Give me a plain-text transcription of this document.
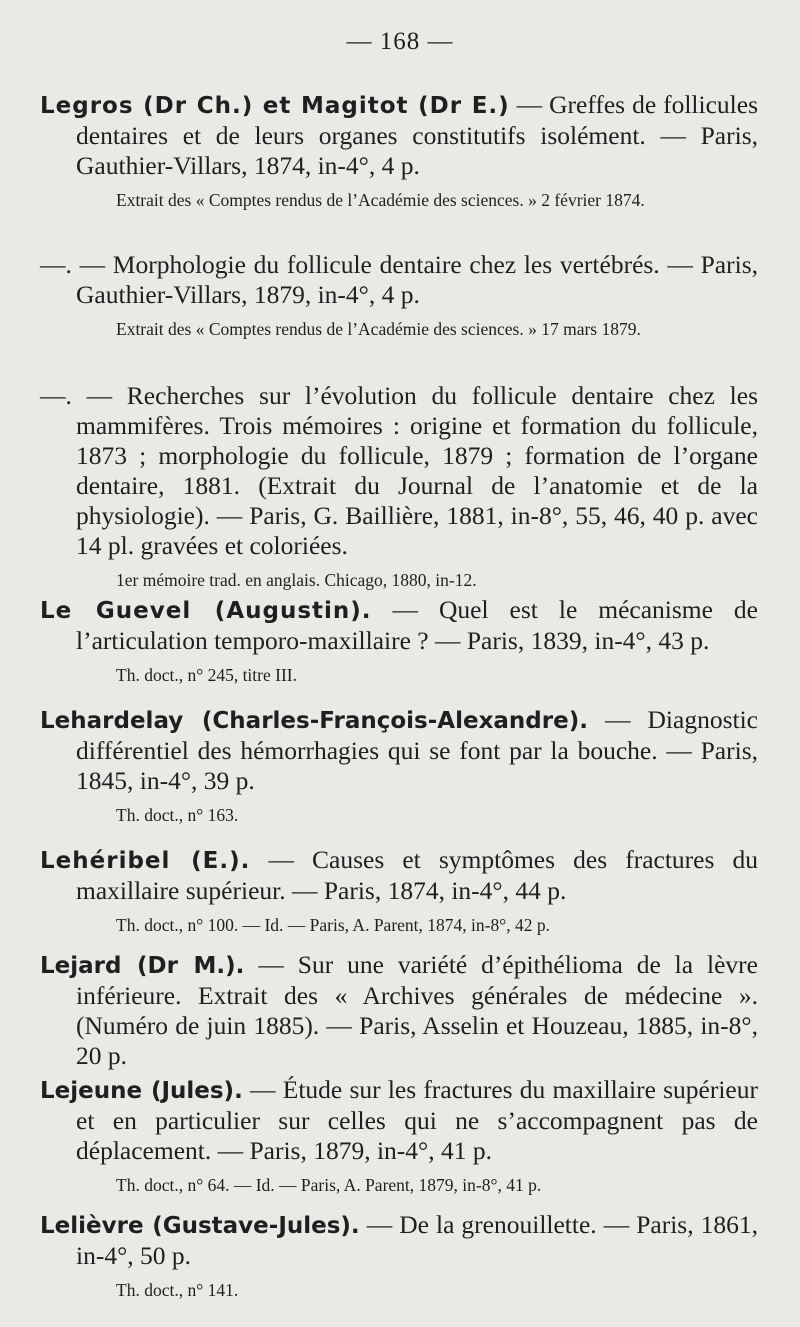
— 168 —
Legros (Dr Ch.) et Magitot (Dr E.) — Greffes de follicules dentaires et de leurs organes constitutifs isolément. — Paris, Gauthier-Villars, 1874, in-4°, 4 p.
Extrait des « Comptes rendus de l’Académie des sciences. » 2 février 1874.
—. — Morphologie du follicule dentaire chez les vertébrés. — Paris, Gauthier-Villars, 1879, in-4°, 4 p.
Extrait des « Comptes rendus de l’Académie des sciences. » 17 mars 1879.
—. — Recherches sur l’évolution du follicule dentaire chez les mammifères. Trois mémoires : origine et formation du follicule, 1873 ; morphologie du follicule, 1879 ; formation de l’organe dentaire, 1881. (Extrait du Journal de l’anatomie et de la physiologie). — Paris, G. Baillière, 1881, in-8°, 55, 46, 40 p. avec 14 pl. gravées et coloriées.
1er mémoire trad. en anglais. Chicago, 1880, in-12.
Le Guevel (Augustin). — Quel est le mécanisme de l’articulation temporo-maxillaire ? — Paris, 1839, in-4°, 43 p.
Th. doct., n° 245, titre III.
Lehardelay (Charles-François-Alexandre). — Diagnostic différentiel des hémorrhagies qui se font par la bouche. — Paris, 1845, in-4°, 39 p.
Th. doct., n° 163.
Lehéribel (E.). — Causes et symptômes des fractures du maxillaire supérieur. — Paris, 1874, in-4°, 44 p.
Th. doct., n° 100. — Id. — Paris, A. Parent, 1874, in-8°, 42 p.
Lejard (Dr M.). — Sur une variété d’épithélioma de la lèvre inférieure. Extrait des « Archives générales de médecine ». (Numéro de juin 1885). — Paris, Asselin et Houzeau, 1885, in-8°, 20 p.
Lejeune (Jules). — Étude sur les fractures du maxillaire supérieur et en particulier sur celles qui ne s’accompagnent pas de déplacement. — Paris, 1879, in-4°, 41 p.
Th. doct., n° 64. — Id. — Paris, A. Parent, 1879, in-8°, 41 p.
Lelièvre (Gustave-Jules). — De la grenouillette. — Paris, 1861, in-4°, 50 p.
Th. doct., n° 141.
